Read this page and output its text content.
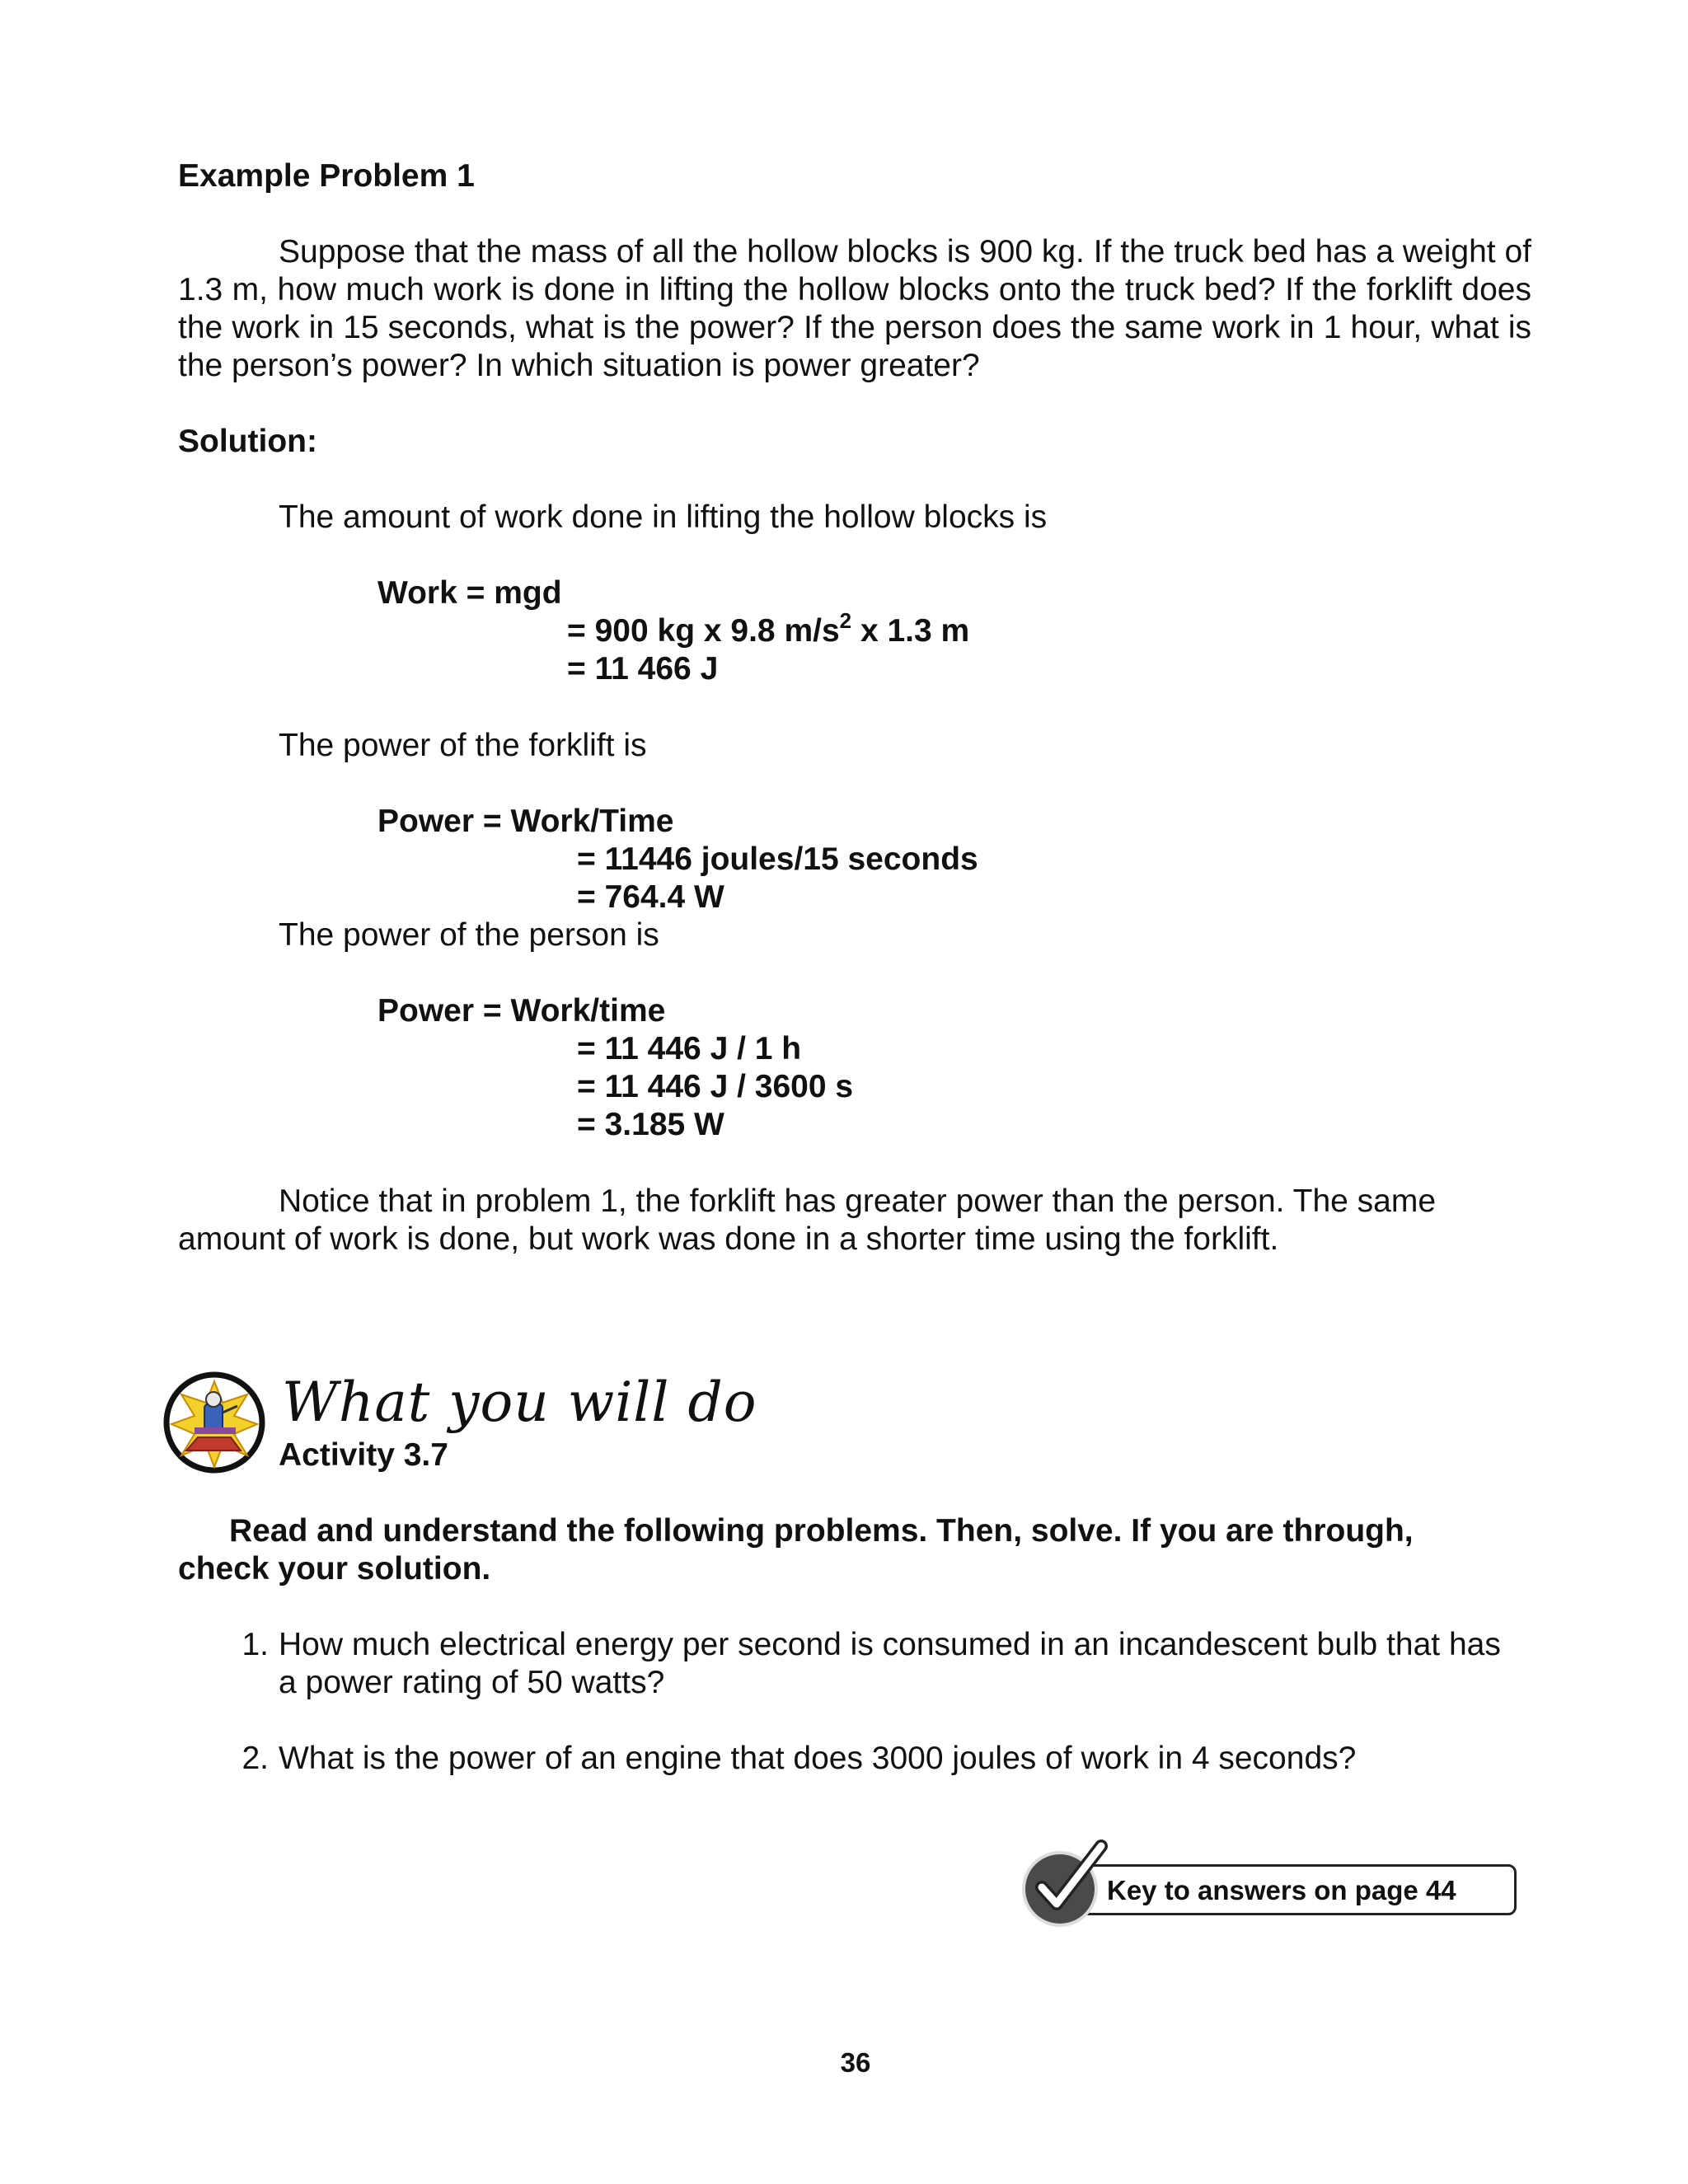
Example Problem 1
Suppose that the mass of all the hollow blocks is 900 kg. If the truck bed has a weight of 1.3 m, how much work is done in lifting the hollow blocks onto the truck bed? If the forklift does the work in 15 seconds, what is the power? If the person does the same work in 1 hour, what is the person’s power? In which situation is power greater?
Solution:
The amount of work done in lifting the hollow blocks is
Work = mgd
= 900 kg x 9.8 $m/s^2$ x 1.3 m
= 11 466 J
The power of the forklift is
Power = Work/Time
= 11446 joules/15 seconds
= 764.4 W
The power of the person is
Power = Work/time
= 11 446 J / 1 h
= 11 446 J / 3600 s
= 3.185 W
Notice that in problem 1, the forklift has greater power than the person. The same amount of work is done, but work was done in a shorter time using the forklift.
What you will do
Activity 3.7
Read and understand the following problems. Then, solve. If you are through, check your solution.
1. How much electrical energy per second is consumed in an incandescent bulb that has a power rating of 50 watts?
2. What is the power of an engine that does 3000 joules of work in 4 seconds?
Key to answers on page 44
36
